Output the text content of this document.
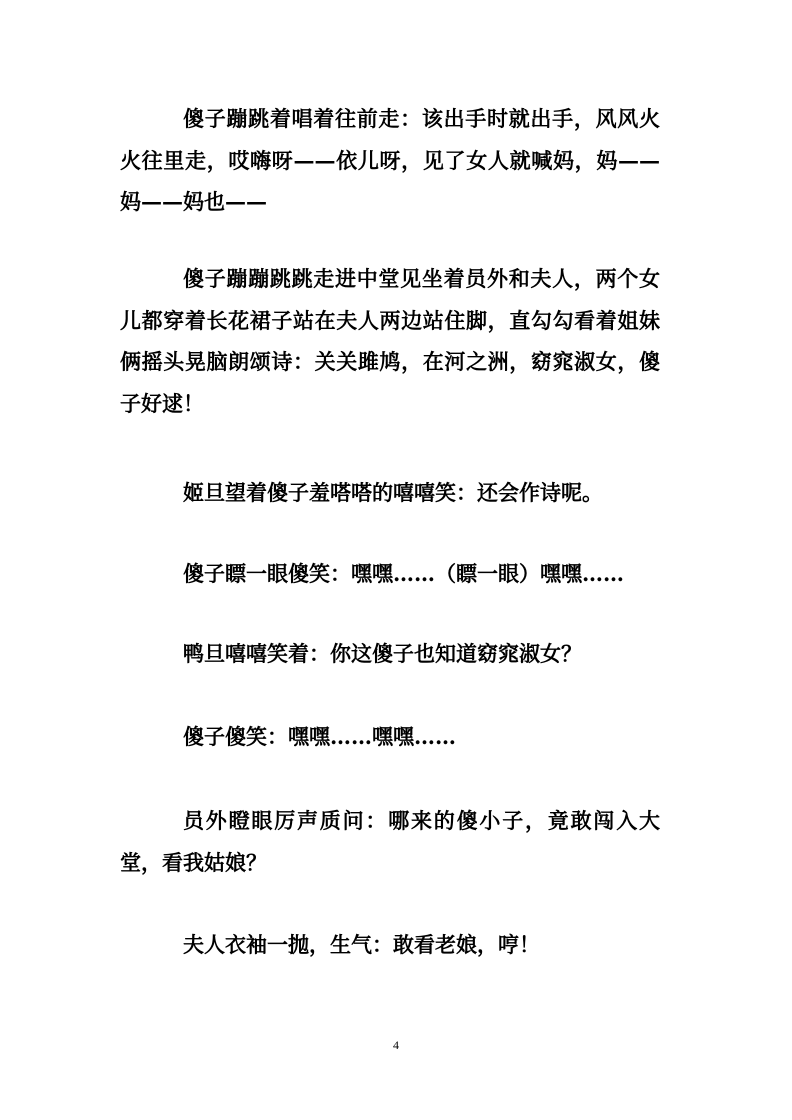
傻子蹦跳着唱着往前走：该出手时就出手，风风火火往里走，哎嗨呀——依儿呀，见了女人就喊妈，妈——妈——妈也——

傻子蹦蹦跳跳走进中堂见坐着员外和夫人，两个女儿都穿着长花裙子站在夫人两边站住脚，直勾勾看着姐妹俩摇头晃脑朗颂诗：关关雎鸠，在河之洲，窈窕淑女，傻子好逑！

姬旦望着傻子羞嗒嗒的嘻嘻笑：还会作诗呢。

傻子瞟一眼傻笑：嘿嘿……（瞟一眼）嘿嘿……

鸭旦嘻嘻笑着：你这傻子也知道窈窕淑女？

傻子傻笑：嘿嘿……嘿嘿……

员外瞪眼厉声质问：哪来的傻小子，竟敢闯入大堂，看我姑娘？

夫人衣袖一抛，生气：敢看老娘，哼！

4
